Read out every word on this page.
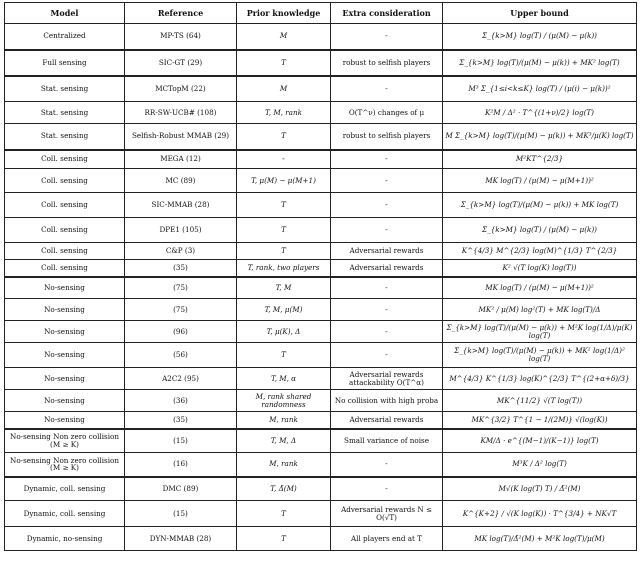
Model	Reference	Prior knowledge	Extra consideration	Upper bound
Centralized	MP-TS (64)	M	-	Σ_{k>M} log(T) / (μ(M) − μ(k))
Full sensing	SIC-GT (29)	T	robust to selfish players	Σ_{k>M} log(T)/(μ(M) − μ(k)) + MK² log(T)
Stat. sensing	MCTopM (22)	M	-	M³ Σ_{1≤i<k≤K} log(T) / (μ(i) − μ(k))²
Stat. sensing	RR-SW-UCB# (108)	T, M, rank	O(T^ν) changes of μ	K²M / Δ² · T^{(1+ν)/2} log(T)
Stat. sensing	Selfish-Robust MMAB (29)	T	robust to selfish players	M Σ_{k>M} log(T)/(μ(M) − μ(k)) + MK³/μ(K) log(T)
Coll. sensing	MEGA (12)	-	-	M²KT^{2/3}
Coll. sensing	MC (89)	T, μ(M) − μ(M+1)	-	MK log(T) / (μ(M) − μ(M+1))²
Coll. sensing	SIC-MMAB (28)	T	-	Σ_{k>M} log(T)/(μ(M) − μ(k)) + MK log(T)
Coll. sensing	DPE1 (105)	T	-	Σ_{k>M} log(T) / (μ(M) − μ(k))
Coll. sensing	C&P (3)	T	Adversarial rewards	K^{4/3} M^{2/3} log(M)^{1/3} T^{2/3}
Coll. sensing	(35)	T, rank, two players	Adversarial rewards	K² √(T log(K) log(T))
No-sensing	(75)	T, M	-	MK log(T) / (μ(M) − μ(M+1))²
No-sensing	(75)	T, M, μ(M)	-	MK² / μ(M) log²(T) + MK log(T)/Δ
No-sensing	(96)	T, μ(K), Δ	-	Σ_{k>M} log(T)/(μ(M) − μ(k)) + M²K log(1/Δ)/μ(K) log(T)
No-sensing	(56)	T	-	Σ_{k>M} log(T)/(μ(M) − μ(k)) + MK² log(1/Δ)² log(T)
No-sensing	A2C2 (95)	T, M, α	Adversarial rewards attackability O(T^α)	M^{4/3} K^{1/3} log(K)^{2/3} T^{(2+α+δ)/3}
No-sensing	(36)	M, rank shared randomness	No collision with high proba	MK^{11/2} √(T log(T))
No-sensing	(35)	M, rank	Adversarial rewards	MK^{3/2} T^{1 − 1/(2M)} √(log(K))
No-sensing Non zero collision (M ≥ K)	(15)	T, M, Δ	Small variance of noise	KM/Δ · e^{(M−1)/(K−1)} log(T)
No-sensing Non zero collision (M ≥ K)	(16)	M, rank	-	M³K / Δ² log(T)
Dynamic, coll. sensing	DMC (89)	T, Δ̃(M)	-	M√(K log(T) T) / Δ̃²(M)
Dynamic, coll. sensing	(15)	T	Adversarial rewards N ≤ O(√T)	K^{K+2} / √(K log(K)) · T^{3/4} + NK√T
Dynamic, no-sensing	DYN-MMAB (28)	T	All players end at T	MK log(T)/Δ̃²(M) + M²K log(T)/μ(M)
